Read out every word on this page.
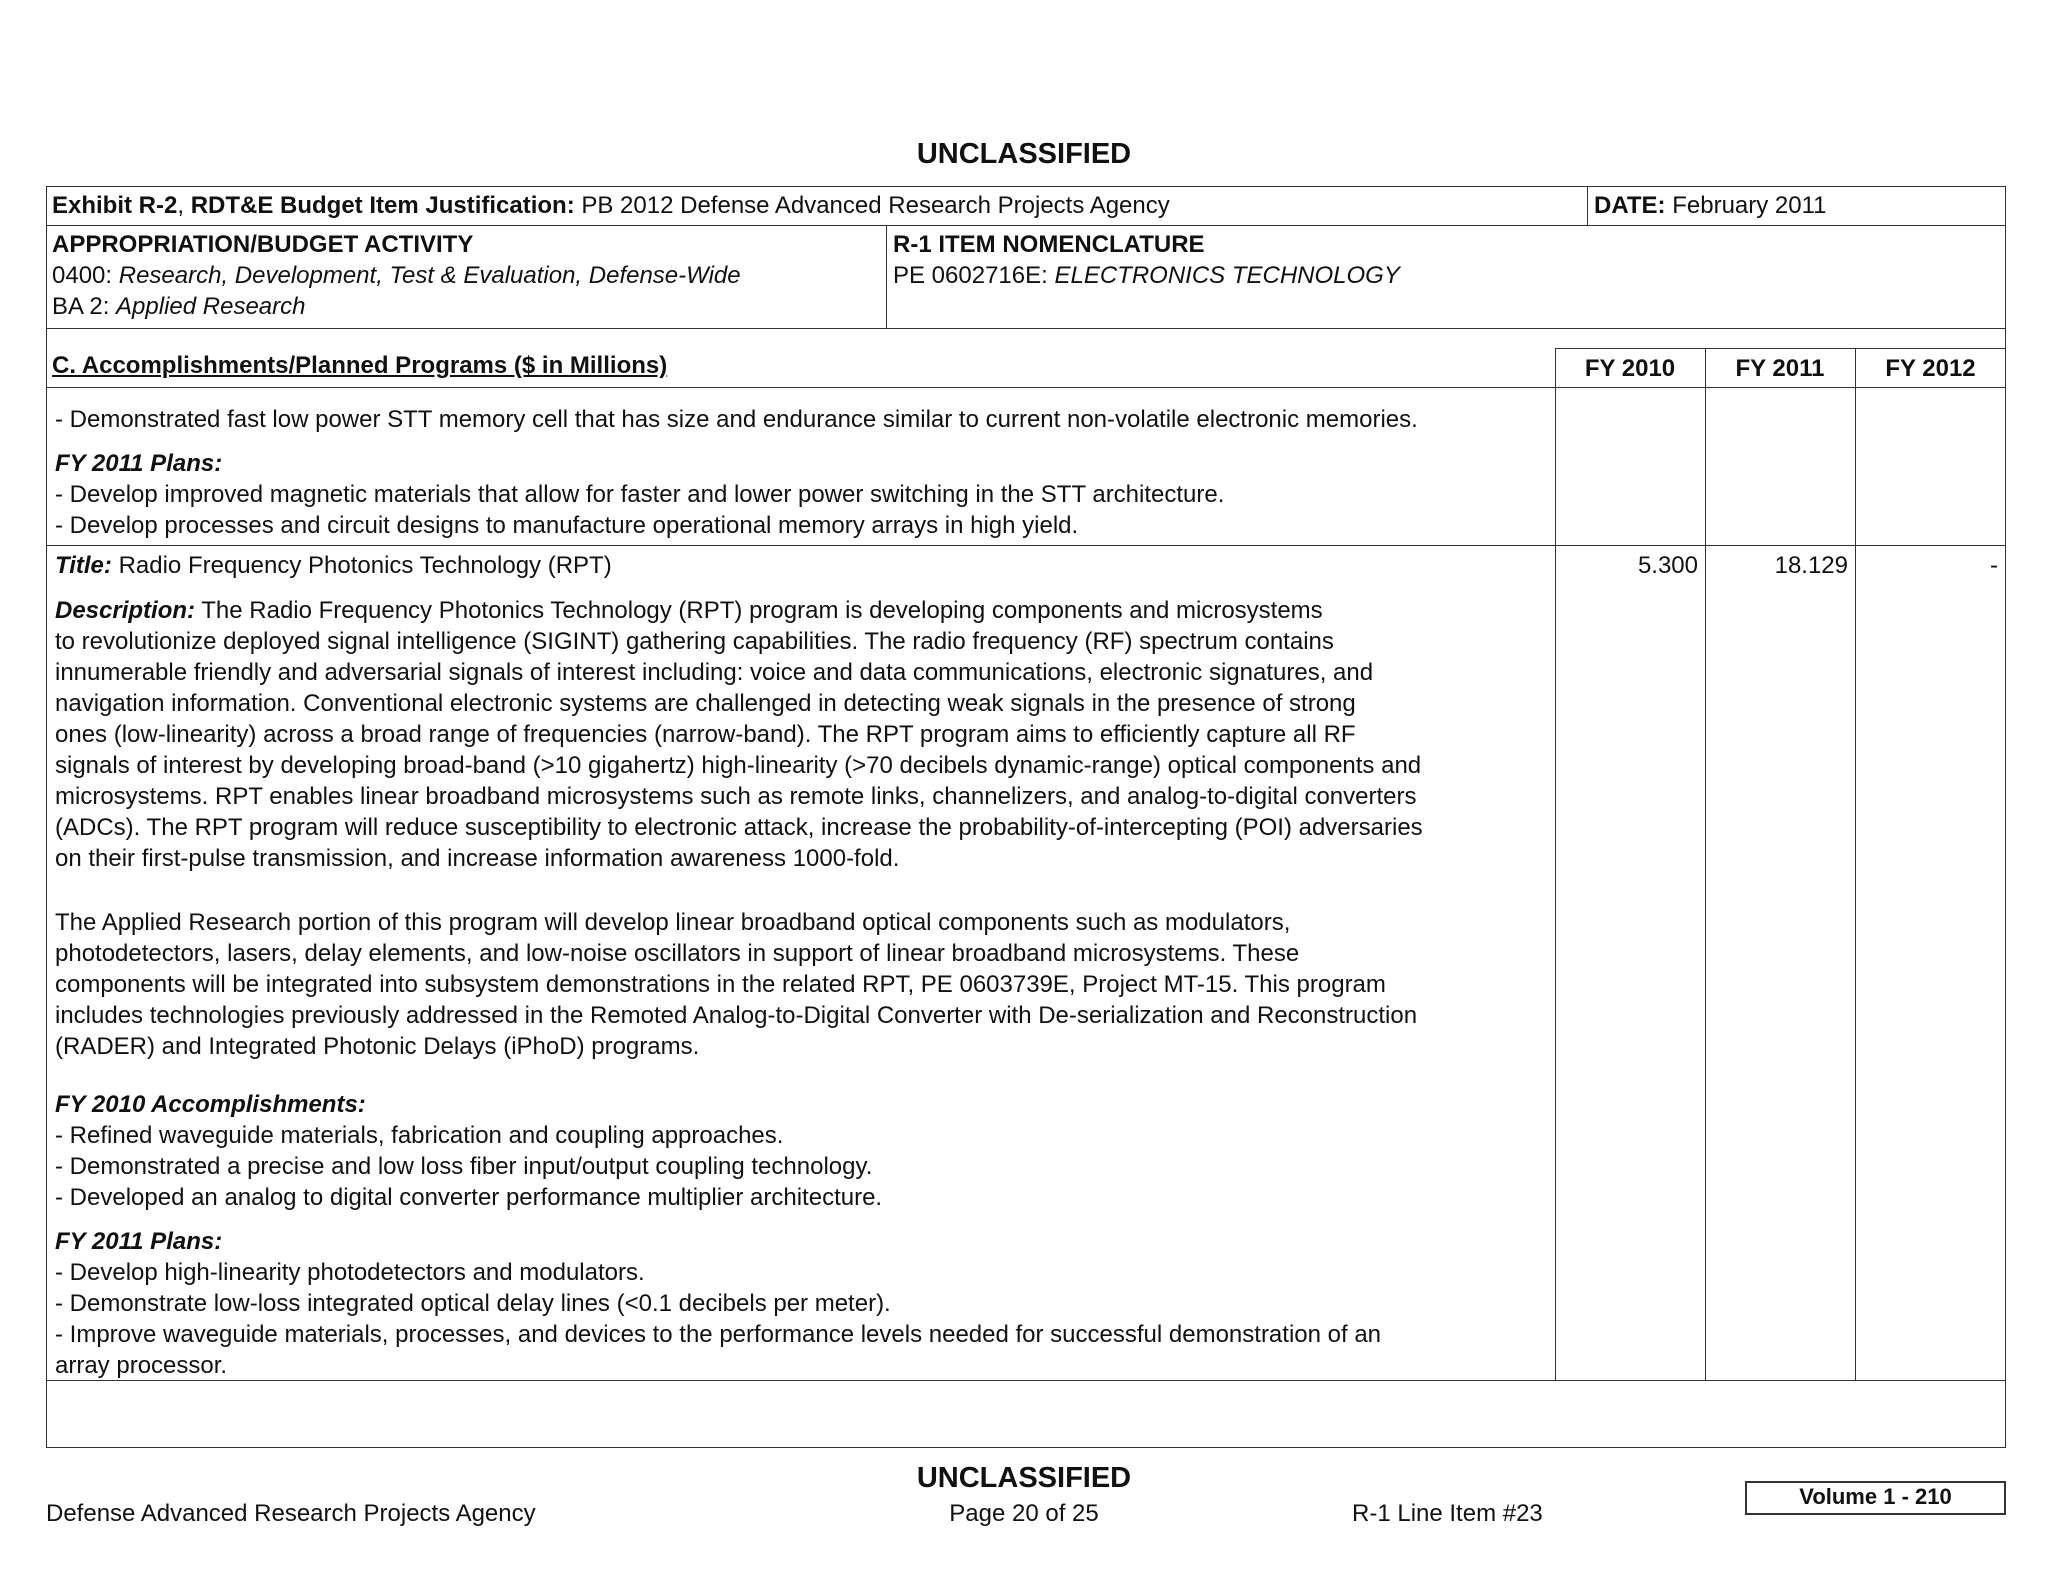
UNCLASSIFIED
Exhibit R-2, RDT&E Budget Item Justification: PB 2012 Defense Advanced Research Projects Agency	DATE: February 2011
APPROPRIATION/BUDGET ACTIVITY
0400: Research, Development, Test & Evaluation, Defense-Wide
BA 2: Applied Research
R-1 ITEM NOMENCLATURE
PE 0602716E: ELECTRONICS TECHNOLOGY
C. Accomplishments/Planned Programs ($ in Millions)	FY 2010	FY 2011	FY 2012
- Demonstrated fast low power STT memory cell that has size and endurance similar to current non-volatile electronic memories.
FY 2011 Plans:
- Develop improved magnetic materials that allow for faster and lower power switching in the STT architecture.
- Develop processes and circuit designs to manufacture operational memory arrays in high yield.
Title: Radio Frequency Photonics Technology (RPT)	5.300	18.129	-
Description: The Radio Frequency Photonics Technology (RPT) program is developing components and microsystems
to revolutionize deployed signal intelligence (SIGINT) gathering capabilities. The radio frequency (RF) spectrum contains
innumerable friendly and adversarial signals of interest including: voice and data communications, electronic signatures, and
navigation information. Conventional electronic systems are challenged in detecting weak signals in the presence of strong
ones (low-linearity) across a broad range of frequencies (narrow-band). The RPT program aims to efficiently capture all RF
signals of interest by developing broad-band (>10 gigahertz) high-linearity (>70 decibels dynamic-range) optical components and
microsystems. RPT enables linear broadband microsystems such as remote links, channelizers, and analog-to-digital converters
(ADCs). The RPT program will reduce susceptibility to electronic attack, increase the probability-of-intercepting (POI) adversaries
on their first-pulse transmission, and increase information awareness 1000-fold.
The Applied Research portion of this program will develop linear broadband optical components such as modulators,
photodetectors, lasers, delay elements, and low-noise oscillators in support of linear broadband microsystems. These
components will be integrated into subsystem demonstrations in the related RPT, PE 0603739E, Project MT-15. This program
includes technologies previously addressed in the Remoted Analog-to-Digital Converter with De-serialization and Reconstruction
(RADER) and Integrated Photonic Delays (iPhoD) programs.
FY 2010 Accomplishments:
- Refined waveguide materials, fabrication and coupling approaches.
- Demonstrated a precise and low loss fiber input/output coupling technology.
- Developed an analog to digital converter performance multiplier architecture.
FY 2011 Plans:
- Develop high-linearity photodetectors and modulators.
- Demonstrate low-loss integrated optical delay lines (<0.1 decibels per meter).
- Improve waveguide materials, processes, and devices to the performance levels needed for successful demonstration of an
array processor.
UNCLASSIFIED
Defense Advanced Research Projects Agency	Page 20 of 25	R-1 Line Item #23
Volume 1 - 210
